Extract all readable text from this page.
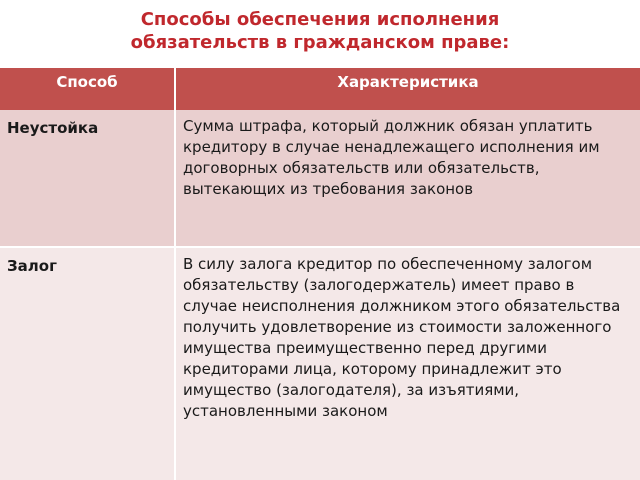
Способы обеспечения исполнения
обязательств в гражданском праве:
Способ	Характеристика
Неустойка	Сумма штрафа, который должник обязан уплатить кредитору в случае ненадлежащего исполнения им договорных обязательств или обязательств, вытекающих из требования законов
Залог	В силу залога кредитор по обеспеченному залогом обязательству (залогодержатель) имеет право в случае неисполнения должником этого обязательства получить удовлетворение из стоимости заложенного имущества преимущественно перед другими кредиторами лица, которому принадлежит это имущество (залогодателя), за изъятиями, установленными законом
